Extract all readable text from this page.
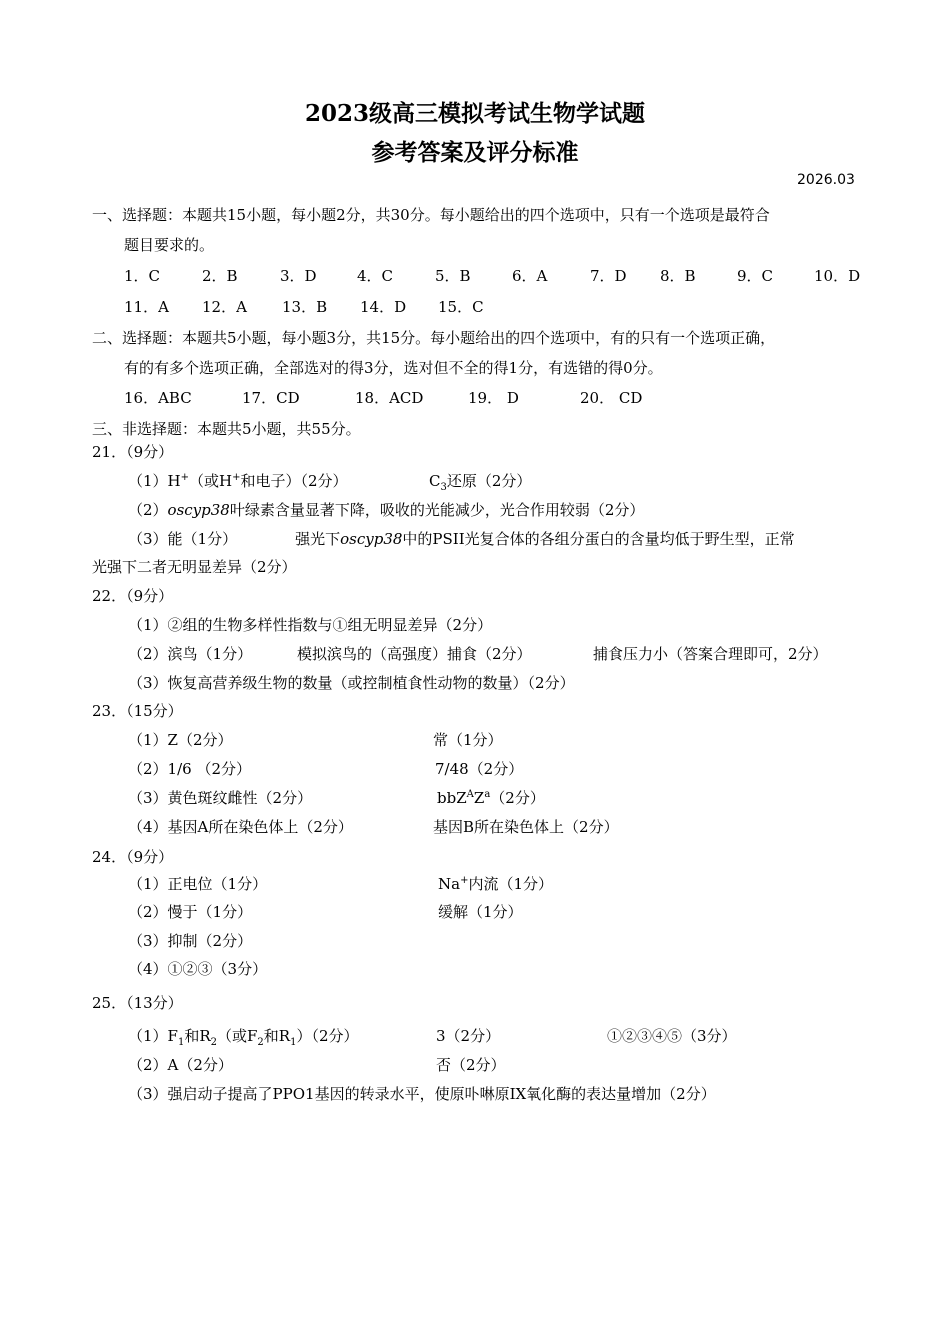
2023级高三模拟考试生物学试题
参考答案及评分标准
2026.03
一、选择题：本题共15小题，每小题2分，共30分。每小题给出的四个选项中，只有一个选项是最符合
题目要求的。
1．C	2．B	3．D	4．C	5．B	6．A	7．D 8．B	9．C	10．D
11．A 12．A 13．B 14．D 15．C
二、选择题：本题共5小题，每小题3分，共15分。每小题给出的四个选项中，有的只有一个选项正确，
有的有多个选项正确，全部选对的得3分，选对但不全的得1分，有选错的得0分。
16．ABC	17．CD	18．ACD	19． D	20． CD
三、非选择题：本题共5小题，共55分。
21．（9分）
（1）H+（或H+和电子）（2分）	$C_3$还原（2分）
（2）oscyp38叶绿素含量显著下降，吸收的光能减少，光合作用较弱（2分）
（3）能（1分）	强光下oscyp38中的PSII光复合体的各组分蛋白的含量均低于野生型，正常
光强下二者无明显差异（2分）
22．（9分）
（1）②组的生物多样性指数与①组无明显差异（2分）
（2）滨鸟（1分）	模拟滨鸟的（高强度）捕食（2分）	捕食压力小（答案合理即可，2分）
（3）恢复高营养级生物的数量（或控制植食性动物的数量）（2分）
23．（15分）
（1）Z（2分）	常（1分）
（2）1/6 （2分）	7/48（2分）
（3）黄色斑纹雌性（2分）	$bbZ^AZ^a(2$分）
（4）基因A所在染色体上（2分）	基因B所在染色体上（2分）
24．（9分）
（1）正电位（1分）	Na+内流（1分）
（2）慢于（1分）	缓解（1分）
（3）抑制（2分）
（4）①②③（3分）
25．（13分）
$(1)F_1$和$R_2$（或$F_2$和$R_1)(2$分）	3（2分）	①②③④⑤（3分）
（2）A（2分）	否（2分）
（3）强启动子提高了PPO1基因的转录水平，使原卟啉原IX氧化酶的表达量增加（2分）
